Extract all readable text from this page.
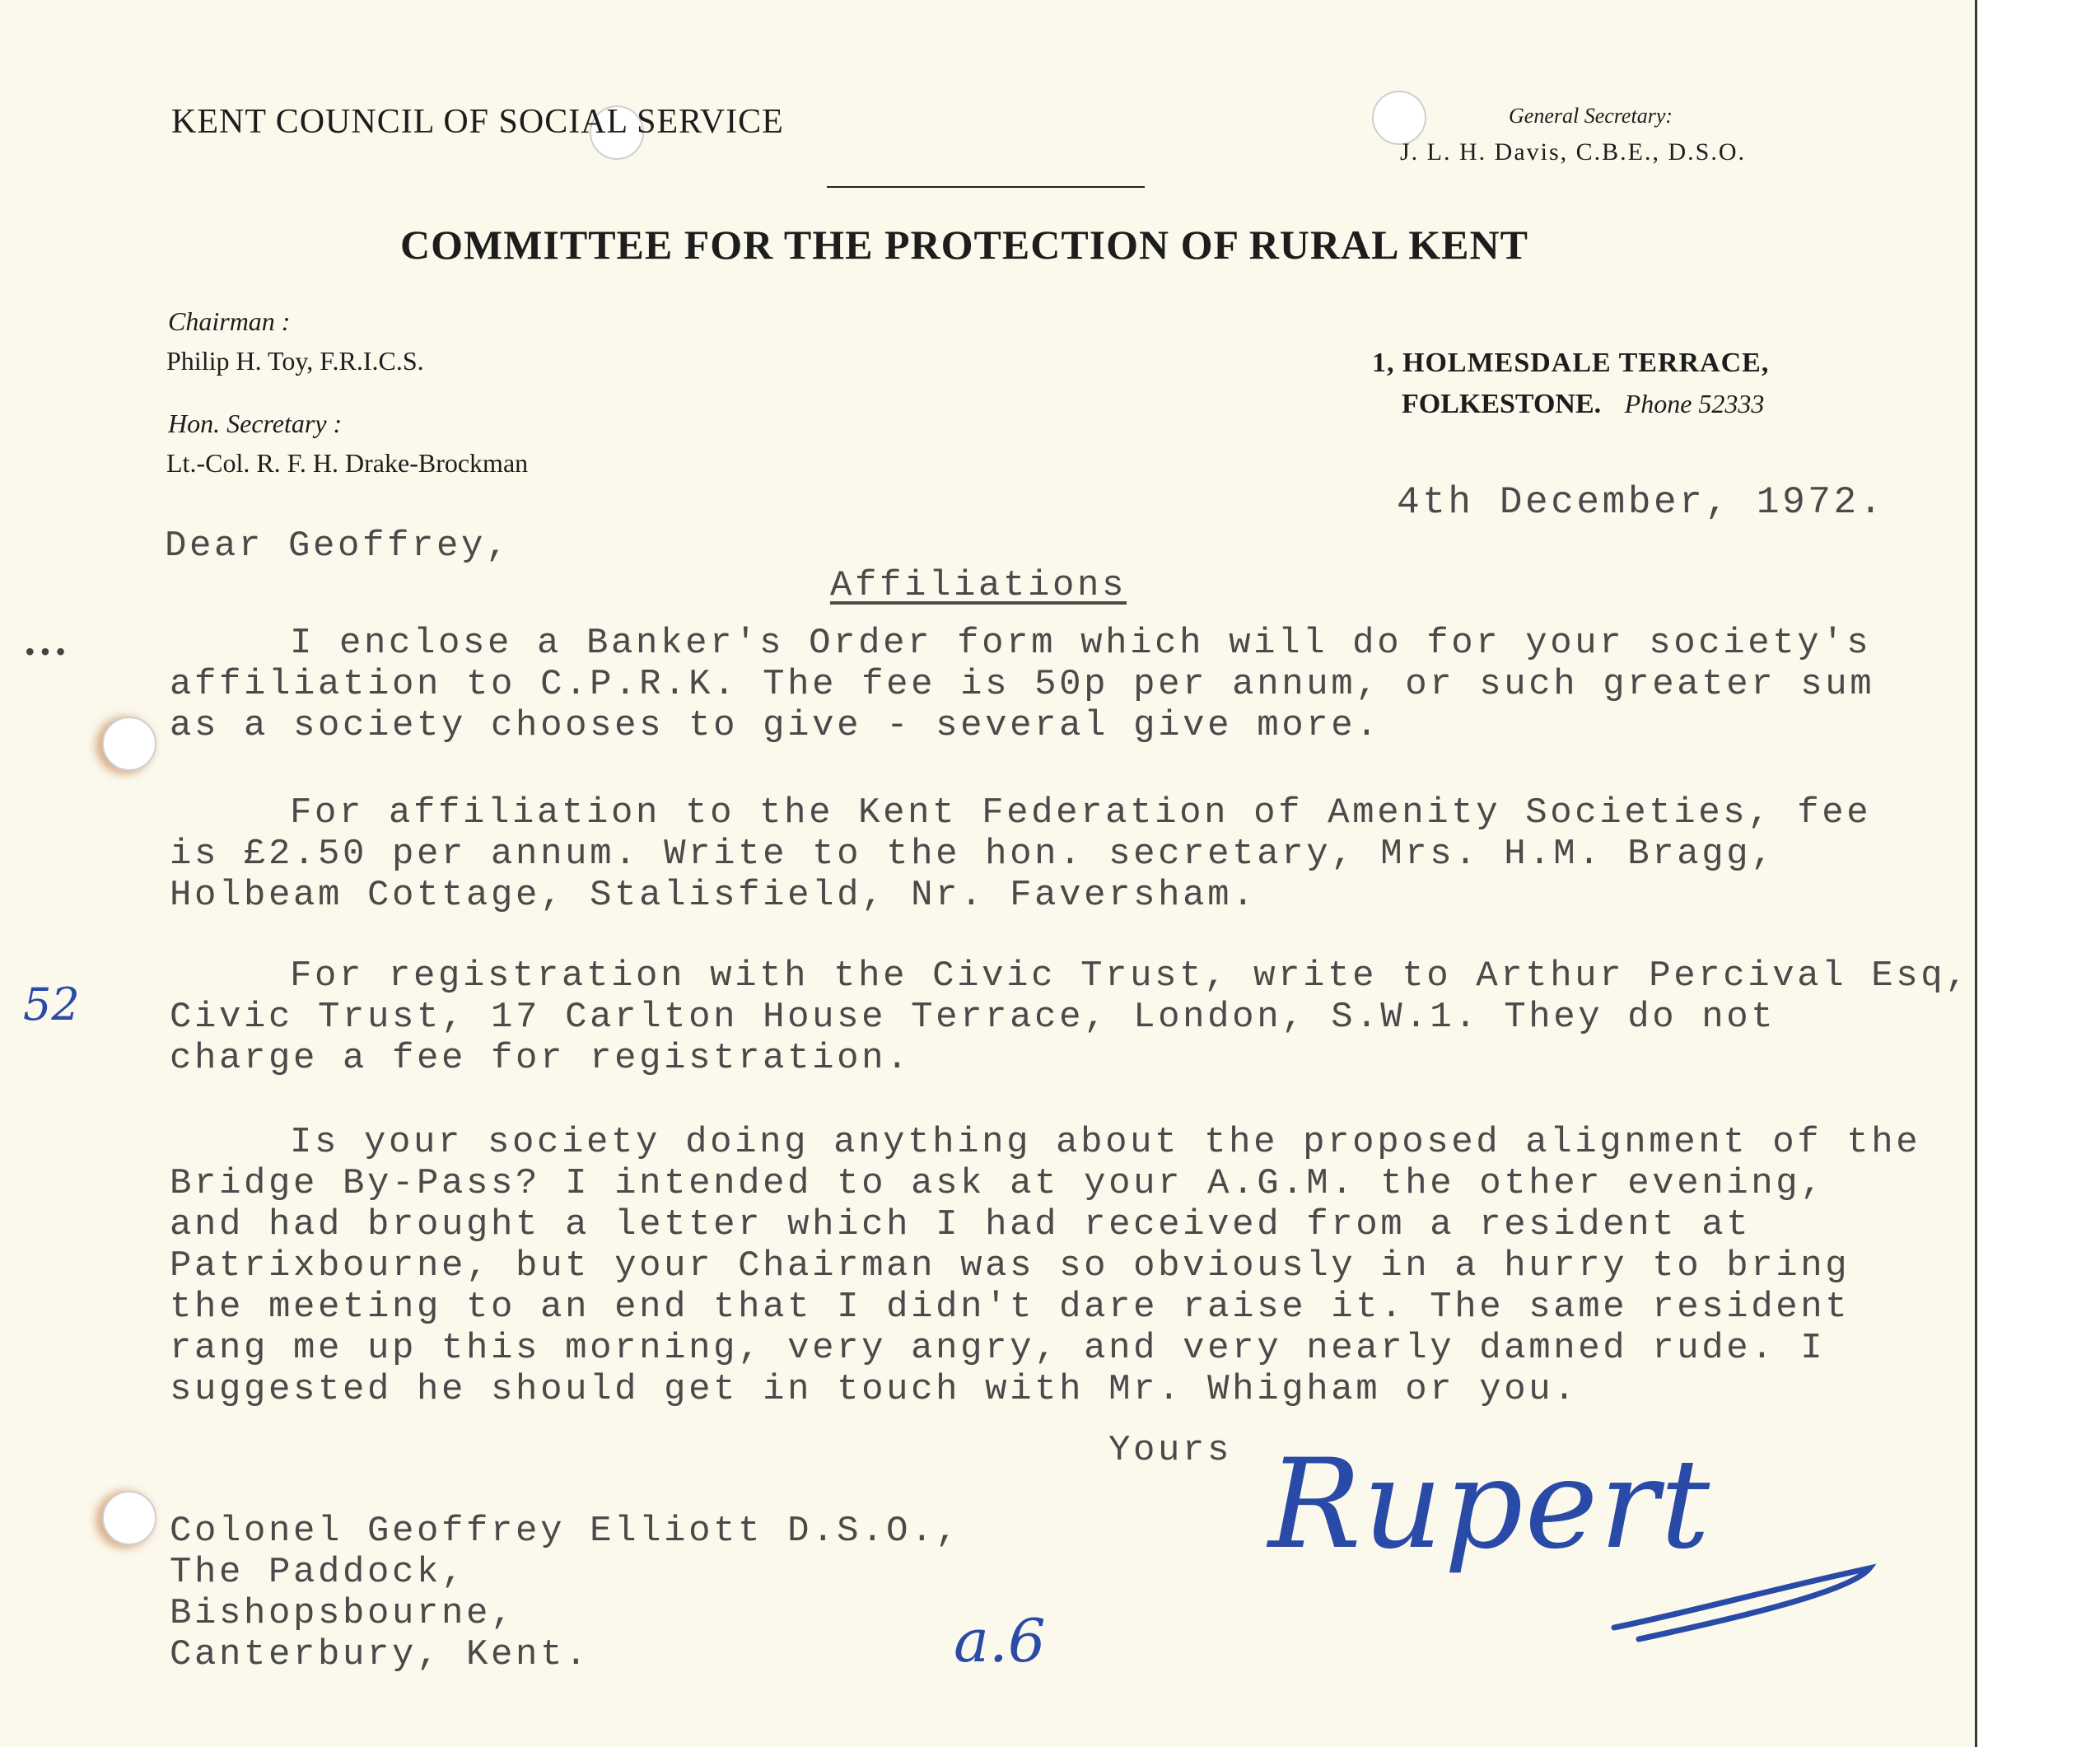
KENT COUNCIL OF SOCIAL SERVICE	General Secretary:
J. L. H. Davis, C.B.E., D.S.O.
COMMITTEE FOR THE PROTECTION OF RURAL KENT
Chairman :
Philip H. Toy, F.R.I.C.S.
Hon. Secretary :
Lt.-Col. R. F. H. Drake-Brockman
1, HOLMESDALE TERRACE,
FOLKESTONE. Phone 52333
4th December, 1972.
Dear Geoffrey,
Affiliations
I enclose a Banker's Order form which will do for your society's
affiliation to C.P.R.K. The fee is 50p per annum, or such greater sum
as a society chooses to give - several give more.
For affiliation to the Kent Federation of Amenity Societies, fee
is £2.50 per annum. Write to the hon. secretary, Mrs. H.M. Bragg,
Holbeam Cottage, Stalisfield, Nr. Faversham.
For registration with the Civic Trust, write to Arthur Percival Esq,
Civic Trust, 17 Carlton House Terrace, London, S.W.1. They do not
charge a fee for registration.
Is your society doing anything about the proposed alignment of the
Bridge By-Pass? I intended to ask at your A.G.M. the other evening,
and had brought a letter which I had received from a resident at
Patrixbourne, but your Chairman was so obviously in a hurry to bring
the meeting to an end that I didn't dare raise it. The same resident
rang me up this morning, very angry, and very nearly damned rude. I
suggested he should get in touch with Mr. Whigham or you.
Yours
Colonel Geoffrey Elliott D.S.O.,
The Paddock,
Bishopsbourne,
Canterbury, Kent.
•••
52
a.6
Rupert
